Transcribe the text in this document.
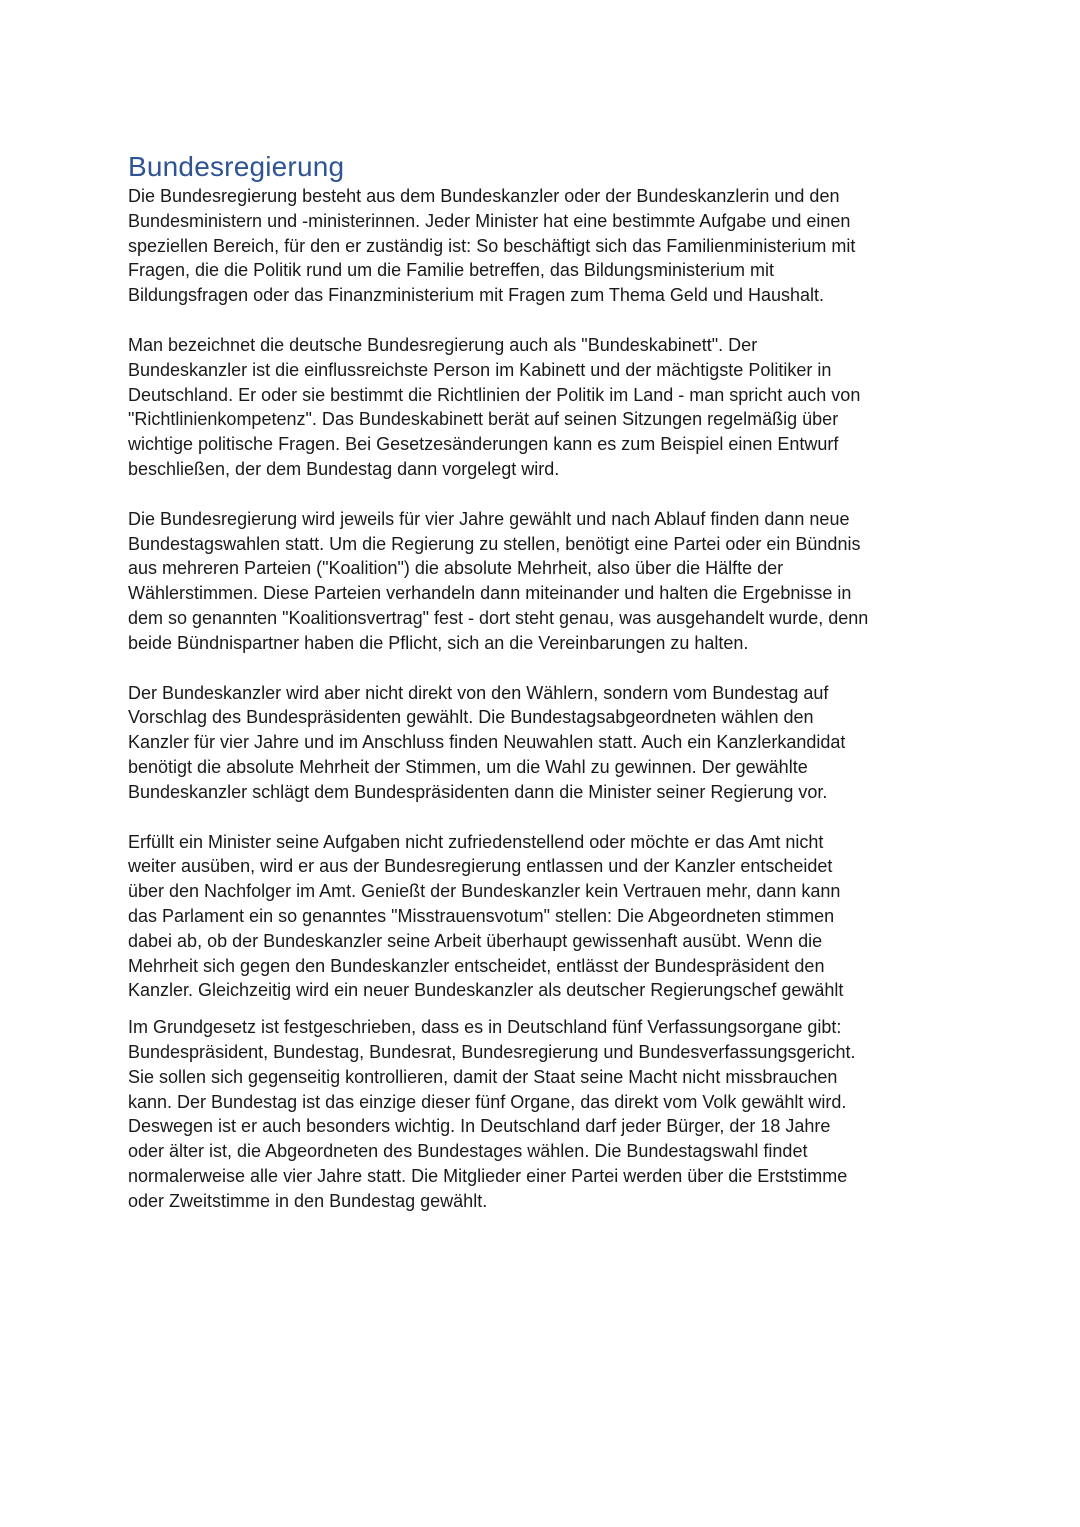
Bundesregierung

Die Bundesregierung besteht aus dem Bundeskanzler oder der Bundeskanzlerin und den
Bundesministern und -ministerinnen. Jeder Minister hat eine bestimmte Aufgabe und einen
speziellen Bereich, für den er zuständig ist: So beschäftigt sich das Familienministerium mit
Fragen, die die Politik rund um die Familie betreffen, das Bildungsministerium mit
Bildungsfragen oder das Finanzministerium mit Fragen zum Thema Geld und Haushalt.

Man bezeichnet die deutsche Bundesregierung auch als "Bundeskabinett". Der
Bundeskanzler ist die einflussreichste Person im Kabinett und der mächtigste Politiker in
Deutschland. Er oder sie bestimmt die Richtlinien der Politik im Land - man spricht auch von
"Richtlinienkompetenz". Das Bundeskabinett berät auf seinen Sitzungen regelmäßig über
wichtige politische Fragen. Bei Gesetzesänderungen kann es zum Beispiel einen Entwurf
beschließen, der dem Bundestag dann vorgelegt wird.

Die Bundesregierung wird jeweils für vier Jahre gewählt und nach Ablauf finden dann neue
Bundestagswahlen statt. Um die Regierung zu stellen, benötigt eine Partei oder ein Bündnis
aus mehreren Parteien ("Koalition") die absolute Mehrheit, also über die Hälfte der
Wählerstimmen. Diese Parteien verhandeln dann miteinander und halten die Ergebnisse in
dem so genannten "Koalitionsvertrag" fest - dort steht genau, was ausgehandelt wurde, denn
beide Bündnispartner haben die Pflicht, sich an die Vereinbarungen zu halten.

Der Bundeskanzler wird aber nicht direkt von den Wählern, sondern vom Bundestag auf
Vorschlag des Bundespräsidenten gewählt. Die Bundestagsabgeordneten wählen den
Kanzler für vier Jahre und im Anschluss finden Neuwahlen statt. Auch ein Kanzlerkandidat
benötigt die absolute Mehrheit der Stimmen, um die Wahl zu gewinnen. Der gewählte
Bundeskanzler schlägt dem Bundespräsidenten dann die Minister seiner Regierung vor.

Erfüllt ein Minister seine Aufgaben nicht zufriedenstellend oder möchte er das Amt nicht
weiter ausüben, wird er aus der Bundesregierung entlassen und der Kanzler entscheidet
über den Nachfolger im Amt. Genießt der Bundeskanzler kein Vertrauen mehr, dann kann
das Parlament ein so genanntes "Misstrauensvotum" stellen: Die Abgeordneten stimmen
dabei ab, ob der Bundeskanzler seine Arbeit überhaupt gewissenhaft ausübt. Wenn die
Mehrheit sich gegen den Bundeskanzler entscheidet, entlässt der Bundespräsident den
Kanzler. Gleichzeitig wird ein neuer Bundeskanzler als deutscher Regierungschef gewählt

Im Grundgesetz ist festgeschrieben, dass es in Deutschland fünf Verfassungsorgane gibt:
Bundespräsident, Bundestag, Bundesrat, Bundesregierung und Bundesverfassungsgericht.
Sie sollen sich gegenseitig kontrollieren, damit der Staat seine Macht nicht missbrauchen
kann. Der Bundestag ist das einzige dieser fünf Organe, das direkt vom Volk gewählt wird.
Deswegen ist er auch besonders wichtig. In Deutschland darf jeder Bürger, der 18 Jahre
oder älter ist, die Abgeordneten des Bundestages wählen. Die Bundestagswahl findet
normalerweise alle vier Jahre statt. Die Mitglieder einer Partei werden über die Erststimme
oder Zweitstimme in den Bundestag gewählt.
